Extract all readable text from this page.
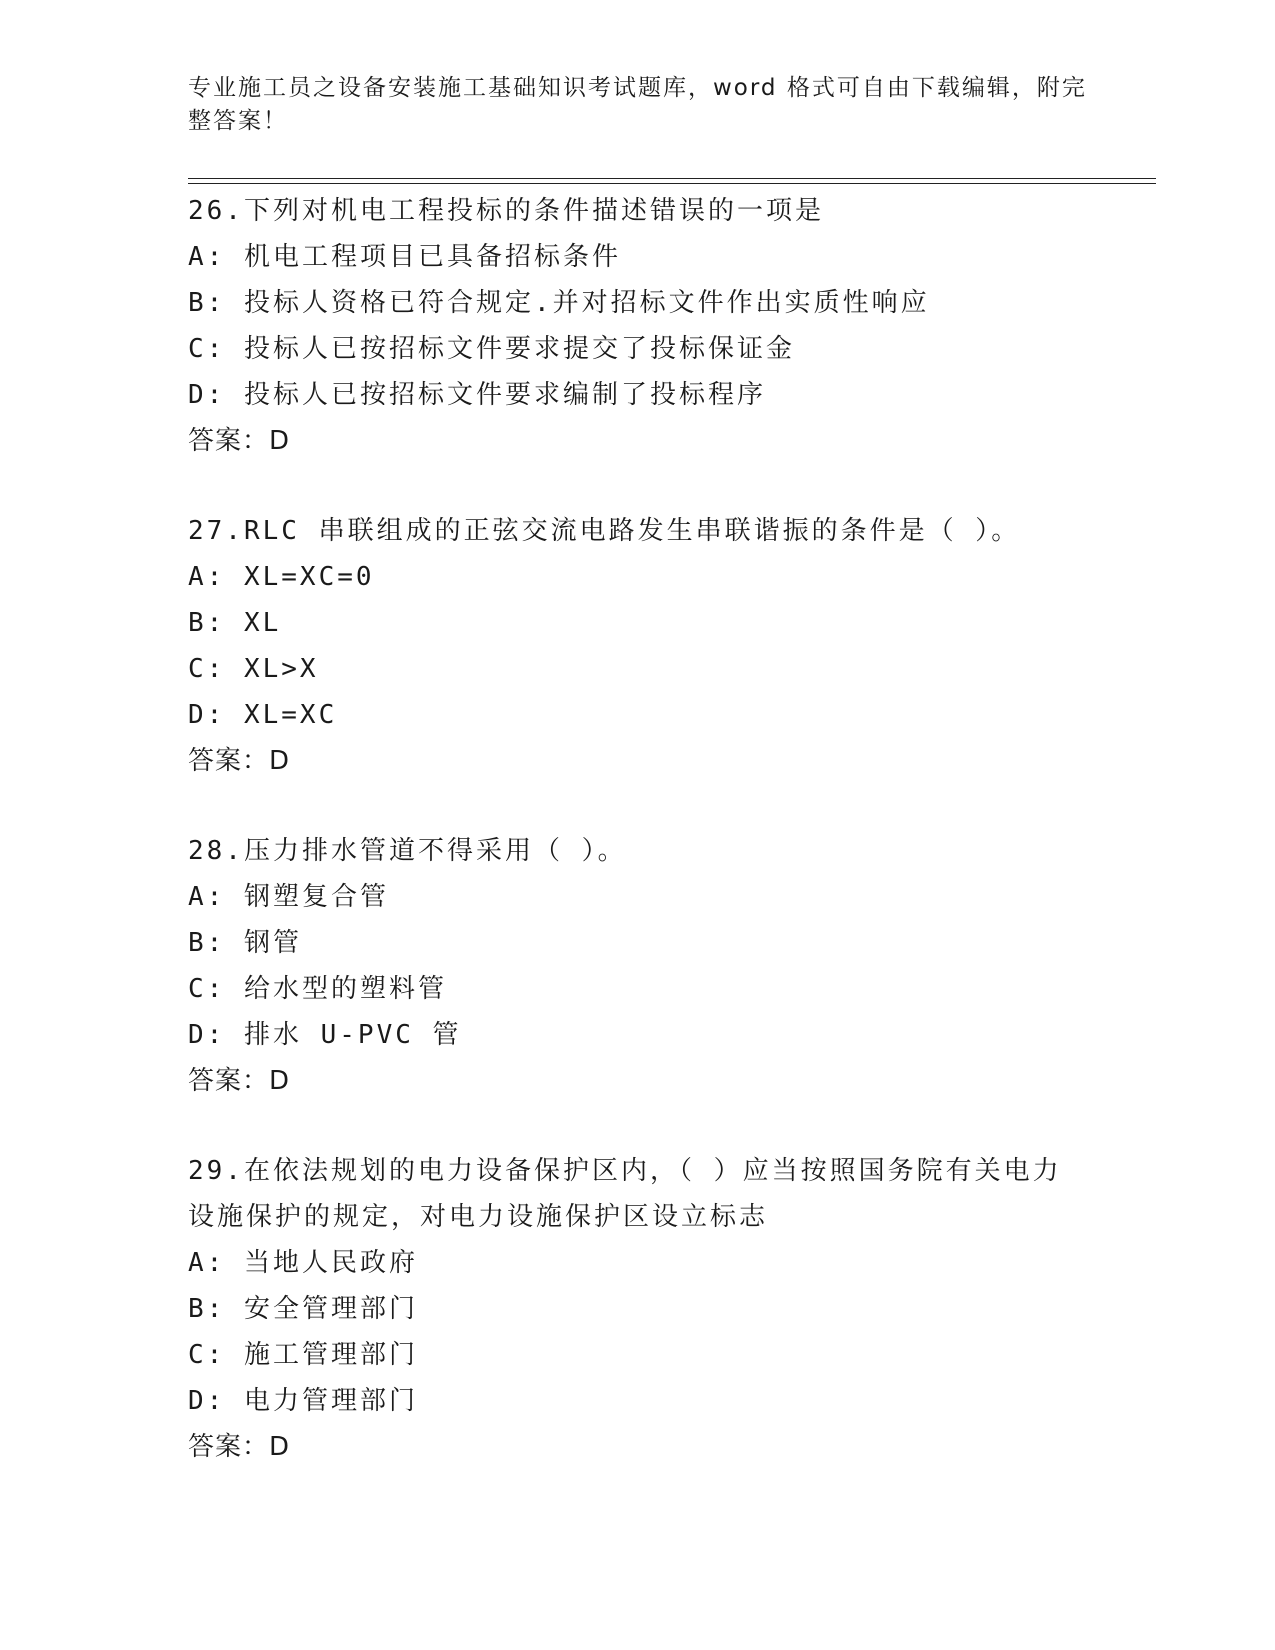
专业施工员之设备安装施工基础知识考试题库，word 格式可自由下载编辑，附完
整答案！
26.下列对机电工程投标的条件描述错误的一项是
A: 机电工程项目已具备招标条件
B: 投标人资格已符合规定.并对招标文件作出实质性响应
C: 投标人已按招标文件要求提交了投标保证金
D: 投标人已按招标文件要求编制了投标程序
答案：D
27.RLC 串联组成的正弦交流电路发生串联谐振的条件是（ ）。
A: XL=XC=0
B: XL
C: XL>X
D: XL=XC
答案：D
28.压力排水管道不得采用（ ）。
A: 钢塑复合管
B: 钢管
C: 给水型的塑料管
D: 排水 U-PVC 管
答案：D
29.在依法规划的电力设备保护区内，（ ）应当按照国务院有关电力
设施保护的规定，对电力设施保护区设立标志
A: 当地人民政府
B: 安全管理部门
C: 施工管理部门
D: 电力管理部门
答案：D
